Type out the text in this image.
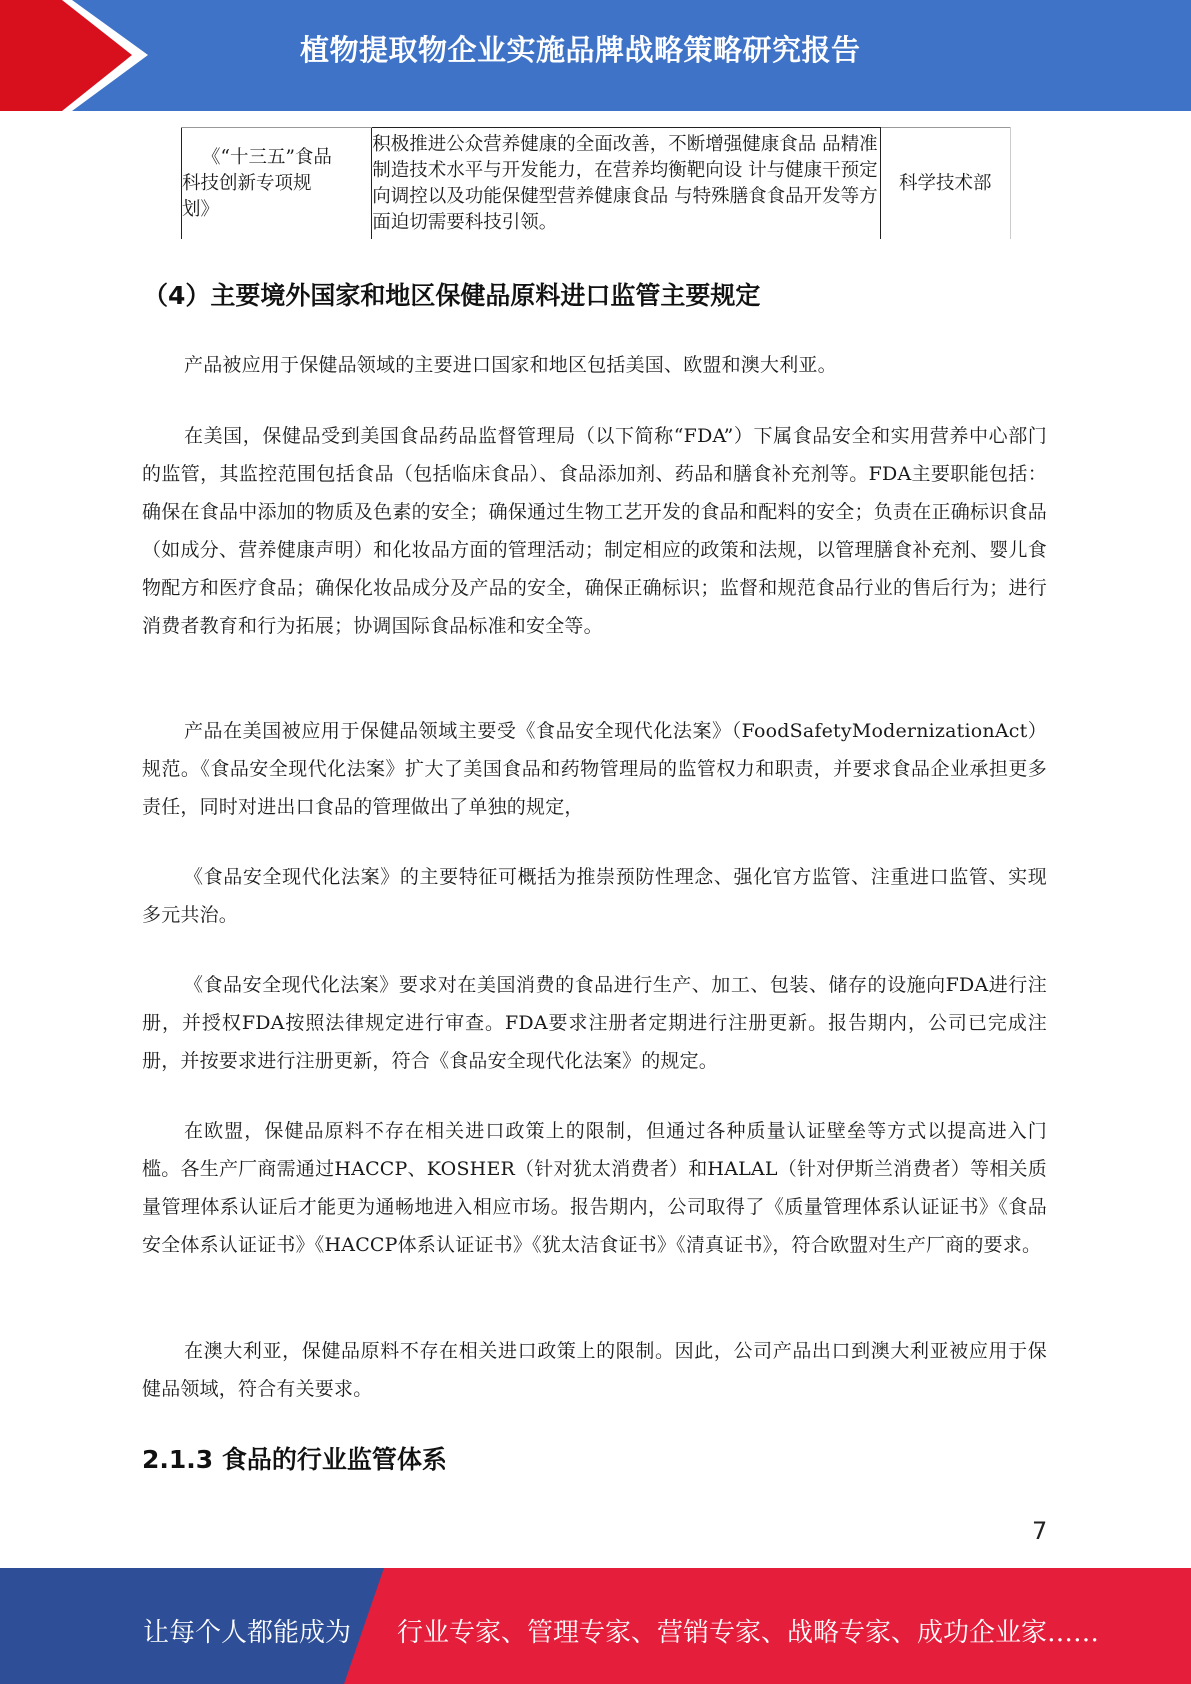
植物提取物企业实施品牌战略策略研究报告
《“十三五”食品
科技创新专项规
划》
	积极推进公众营养健康的全面改善，不断增强健康食品 品精准制造技术水平与开发能力，在营养均衡靶向设 计与健康干预定向调控以及功能保健型营养健康食品 与特殊膳食食品开发等方面迫切需要科技引领。	科学技术部
（4）主要境外国家和地区保健品原料进口监管主要规定

产品被应用于保健品领域的主要进口国家和地区包括美国、欧盟和澳大利亚。

在美国，保健品受到美国食品药品监督管理局（以下简称“FDA”）下属食品安全和实用营养中心部门的监管，其监控范围包括食品（包括临床食品）、食品添加剂、药品和膳食补充剂等。FDA主要职能包括：确保在食品中添加的物质及色素的安全；确保通过生物工艺开发的食品和配料的安全；负责在正确标识食品（如成分、营养健康声明）和化妆品方面的管理活动；制定相应的政策和法规，以管理膳食补充剂、婴儿食物配方和医疗食品；确保化妆品成分及产品的安全，确保正确标识；监督和规范食品行业的售后行为；进行消费者教育和行为拓展；协调国际食品标准和安全等。

产品在美国被应用于保健品领域主要受《食品安全现代化法案》（FoodSafetyModernizationAct）规范。《食品安全现代化法案》扩大了美国食品和药物管理局的监管权力和职责，并要求食品企业承担更多责任，同时对进出口食品的管理做出了单独的规定，

《食品安全现代化法案》的主要特征可概括为推崇预防性理念、强化官方监管、注重进口监管、实现多元共治。

《食品安全现代化法案》要求对在美国消费的食品进行生产、加工、包装、储存的设施向FDA进行注册，并授权FDA按照法律规定进行审查。FDA要求注册者定期进行注册更新。报告期内，公司已完成注册，并按要求进行注册更新，符合《食品安全现代化法案》的规定。

在欧盟，保健品原料不存在相关进口政策上的限制，但通过各种质量认证壁垒等方式以提高进入门槛。各生产厂商需通过HACCP、KOSHER（针对犹太消费者）和HALAL（针对伊斯兰消费者）等相关质量管理体系认证后才能更为通畅地进入相应市场。报告期内，公司取得了《质量管理体系认证证书》《食品安全体系认证证书》《HACCP体系认证证书》《犹太洁食证书》《清真证书》，符合欧盟对生产厂商的要求。

在澳大利亚，保健品原料不存在相关进口政策上的限制。因此，公司产品出口到澳大利亚被应用于保健品领域，符合有关要求。

2.1.3 食品的行业监管体系
7
让每个人都能成为 行业专家、管理专家、营销专家、战略专家、成功企业家……
